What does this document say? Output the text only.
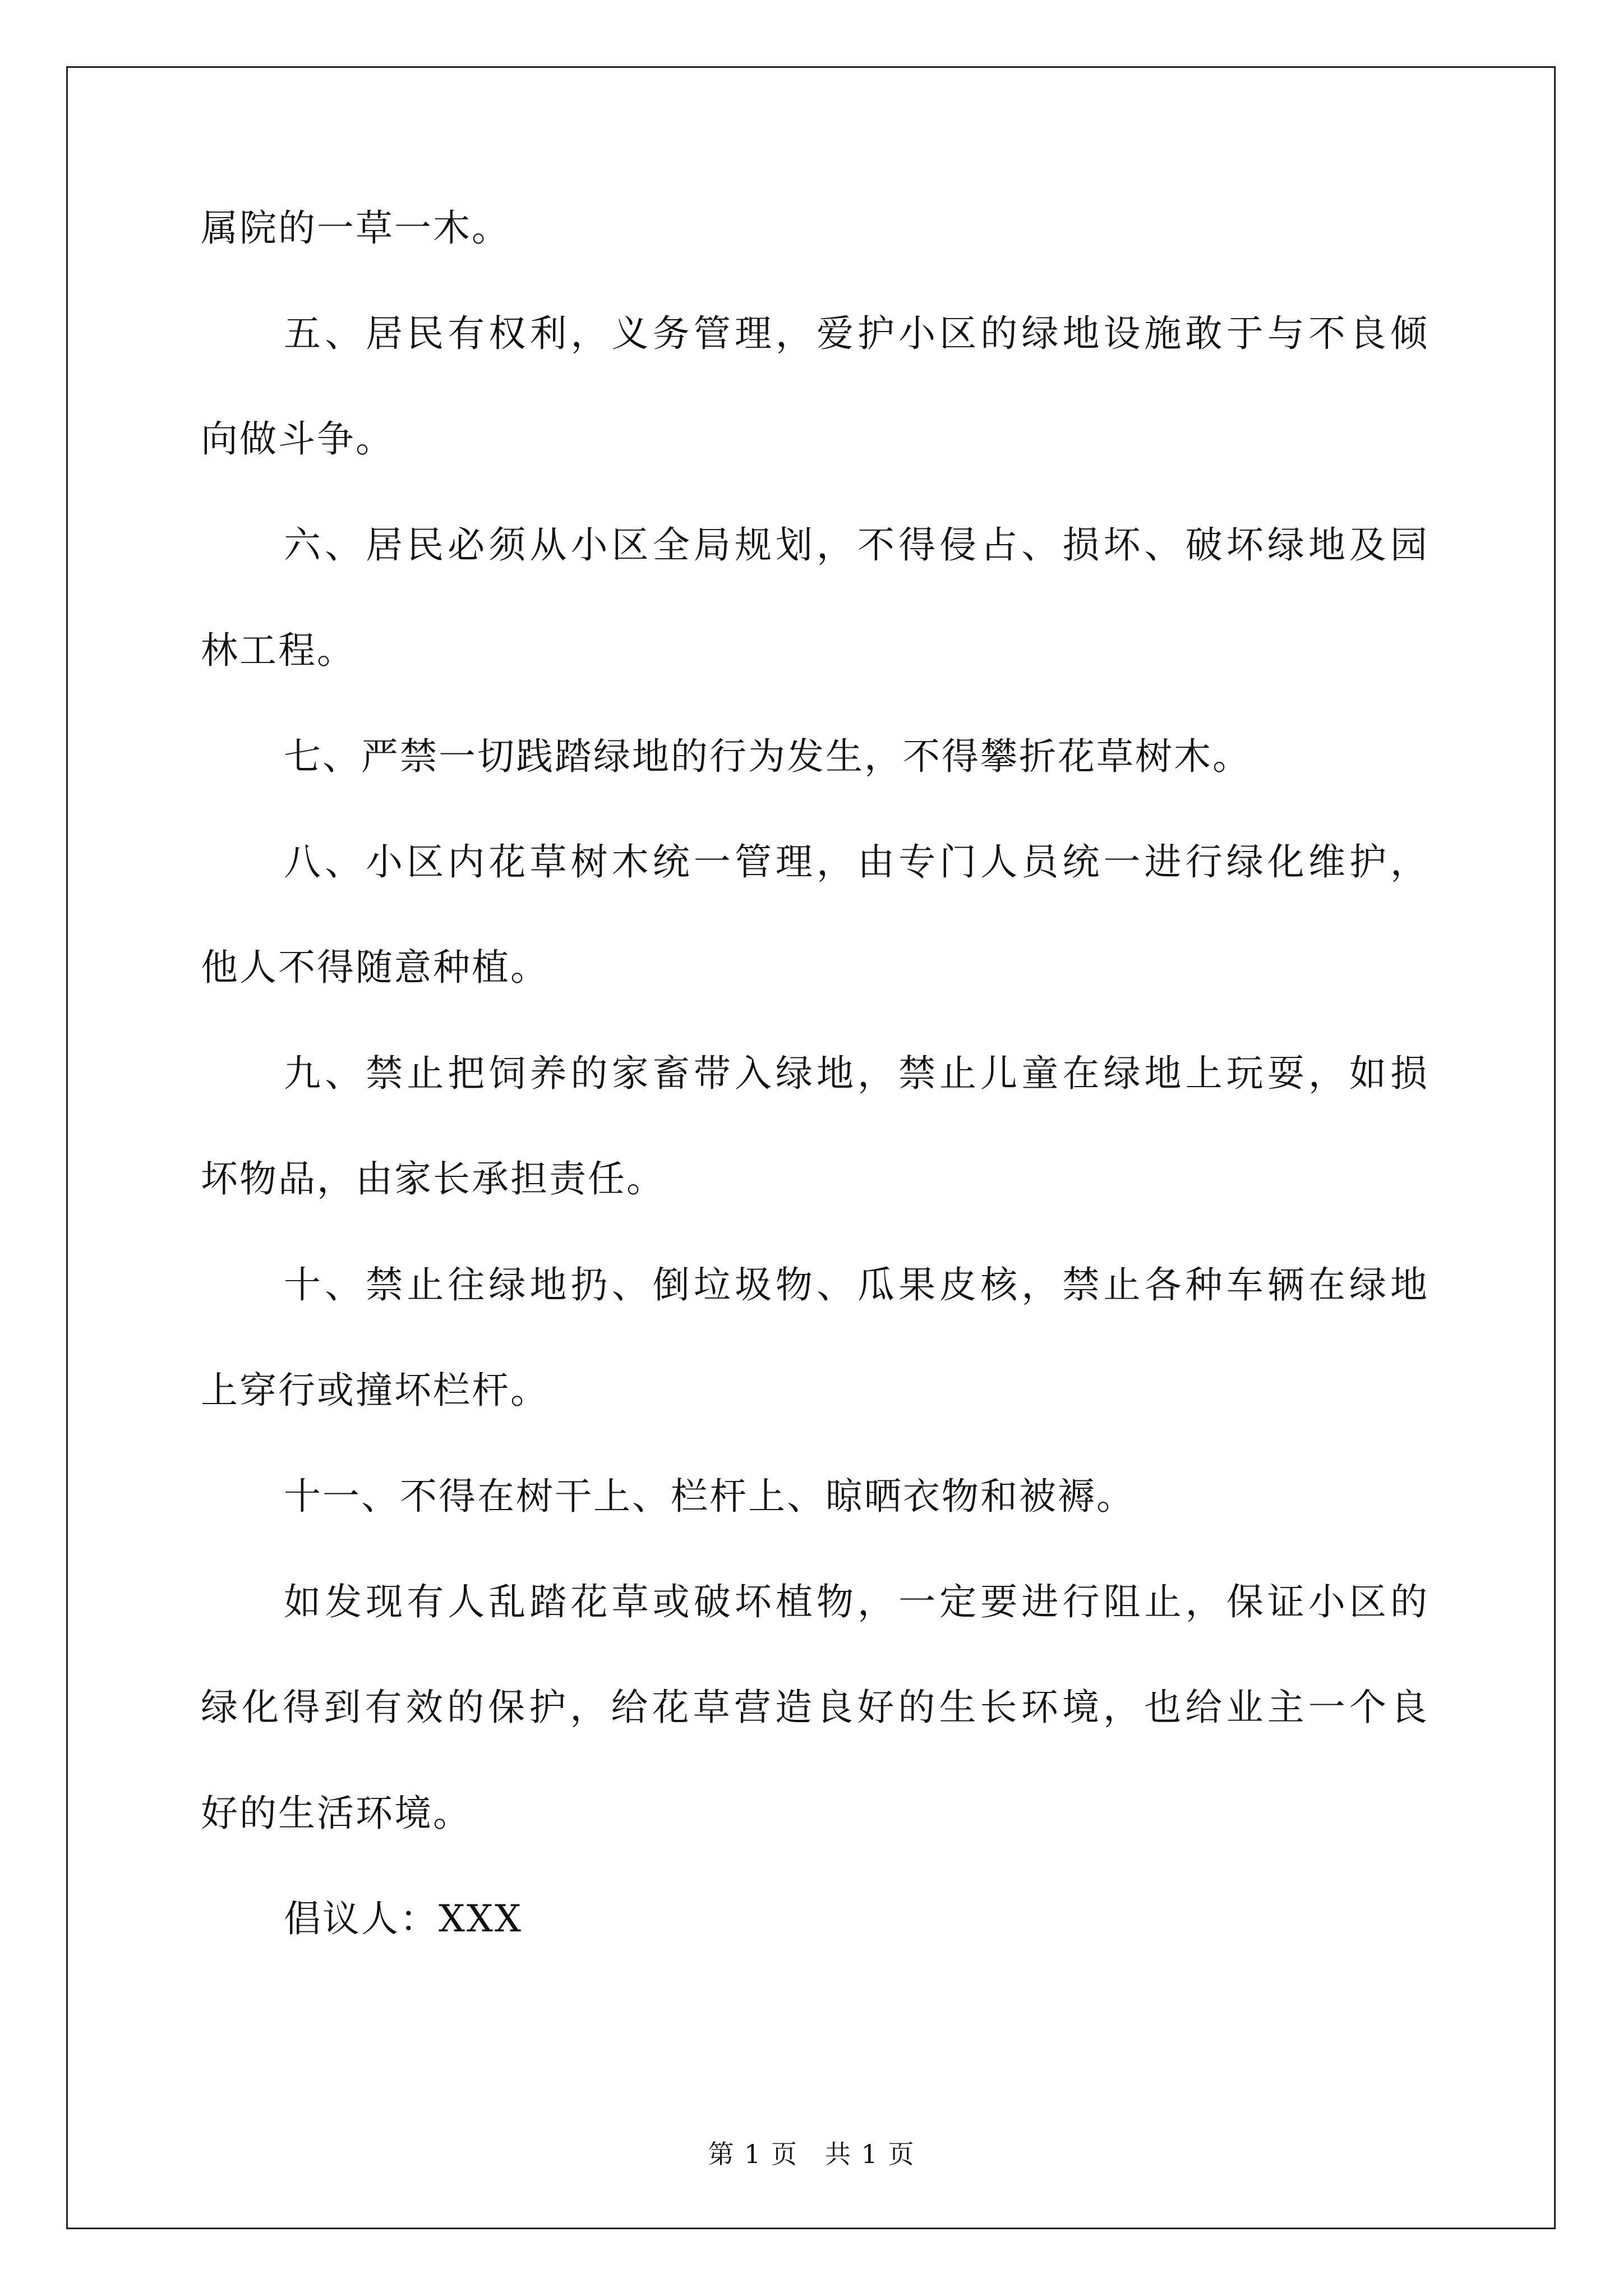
属院的一草一木。
五、居民有权利，义务管理，爱护小区的绿地设施敢于与不良倾
向做斗争。
六、居民必须从小区全局规划，不得侵占、损坏、破坏绿地及园
林工程。
七、严禁一切践踏绿地的行为发生，不得攀折花草树木。
八、小区内花草树木统一管理，由专门人员统一进行绿化维护，
他人不得随意种植。
九、禁止把饲养的家畜带入绿地，禁止儿童在绿地上玩耍，如损
坏物品，由家长承担责任。
十、禁止往绿地扔、倒垃圾物、瓜果皮核，禁止各种车辆在绿地
上穿行或撞坏栏杆。
十一、不得在树干上、栏杆上、晾晒衣物和被褥。
如发现有人乱踏花草或破坏植物，一定要进行阻止，保证小区的
绿化得到有效的保护，给花草营造良好的生长环境，也给业主一个良
好的生活环境。
倡议人：XXX
第 1 页　共 1 页
